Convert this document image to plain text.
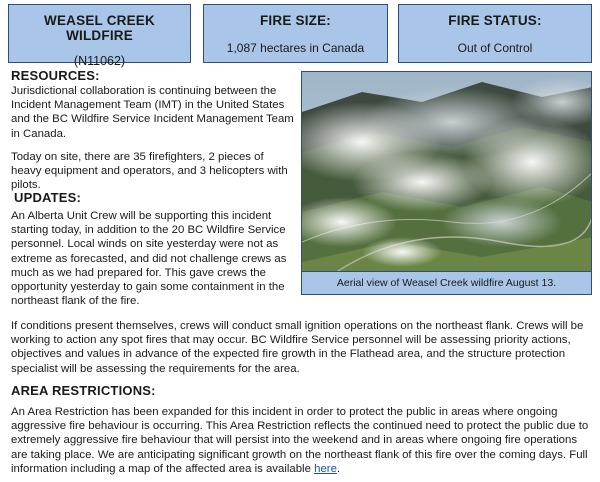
WEASEL CREEK WILDFIRE
(N11062)
FIRE SIZE:
1,087 hectares in Canada
FIRE STATUS:
Out of Control
RESOURCES:

Jurisdictional collaboration is continuing between the Incident Management Team (IMT) in the United States and the BC Wildfire Service Incident Management Team in Canada.

Today on site, there are 35 firefighters, 2 pieces of heavy equipment and operators, and 3 helicopters with pilots.

UPDATES:

An Alberta Unit Crew will be supporting this incident starting today, in addition to the 20 BC Wildfire Service personnel. Local winds on site yesterday were not as extreme as forecasted, and did not challenge crews as much as we had prepared for. This gave crews the opportunity yesterday to gain some containment in the northeast flank of the fire.

Aerial view of Weasel Creek wildfire August 13.

If conditions present themselves, crews will conduct small ignition operations on the northeast flank. Crews will be working to action any spot fires that may occur. BC Wildfire Service personnel will be assessing priority actions, objectives and values in advance of the expected fire growth in the Flathead area, and the structure protection specialist will be assessing the requirements for the area.

AREA RESTRICTIONS:

An Area Restriction has been expanded for this incident in order to protect the public in areas where ongoing aggressive fire behaviour is occurring. This Area Restriction reflects the continued need to protect the public due to extremely aggressive fire behaviour that will persist into the weekend and in areas where ongoing fire operations are taking place. We are anticipating significant growth on the northeast flank of this fire over the coming days. Full information including a map of the affected area is available here.
